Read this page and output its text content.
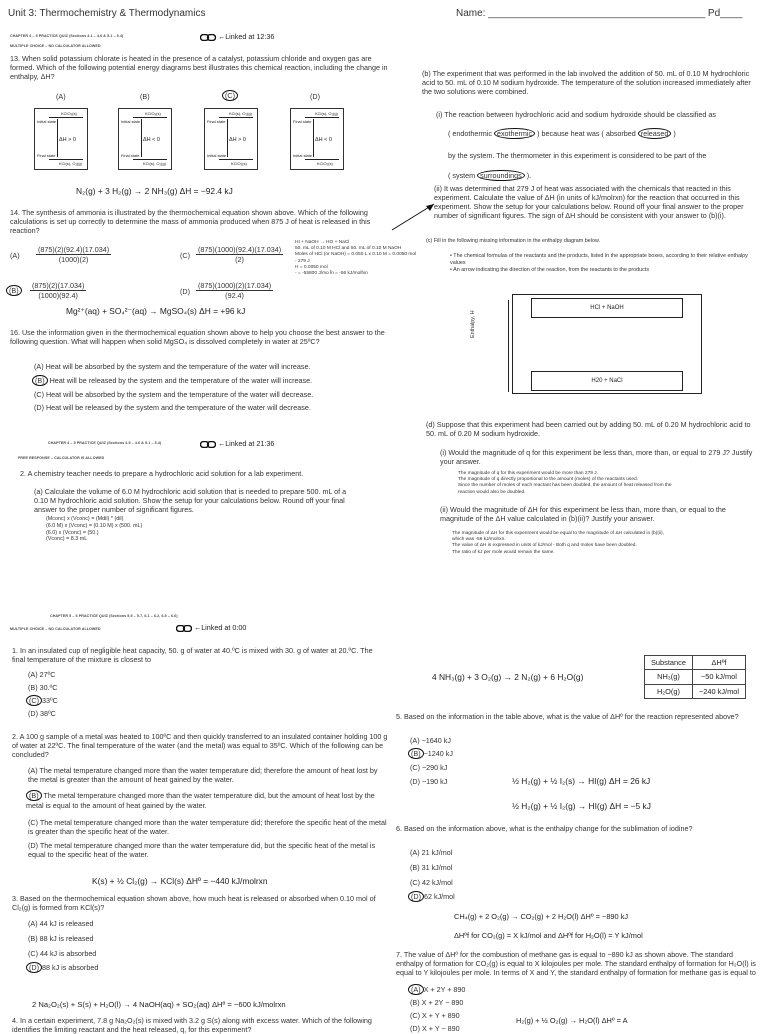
Unit 3: Thermochemistry & Thermodynamics	Name: _______________________________________ Pd____
CHAPTER 4 – 5 PRACTICE QUIZ (Sections 4.1 – 4.6 & 5.1 – 5.4)	←Linked at 12:36
MULTIPLE CHOICE – NO CALCULATOR ALLOWED
13. When solid potassium chlorate is heated in the presence of a catalyst, potassium chloride and oxygen gas are formed. Which of the following potential energy diagrams best illustrates this chemical reaction, including the change in enthalpy, ΔH?
(A)	(B)	(C)	(D)
KClO₃(s)
KCl(s), O₂(g)
ΔH > 0
Initial state
Final state
KClO₃(s)
KCl(s), O₂(g)
ΔH < 0
Initial state
Final state
KCl(s), O₂(g)
KClO₃(s)
ΔH > 0
Final state
Initial state
KCl(s), O₂(g)
KClO₃(s)
ΔH < 0
Final state
Initial state
N₂(g) + 3 H₂(g) → 2 NH₃(g) ΔH = −92.4 kJ
14. The synthesis of ammonia is illustrated by the thermochemical equation shown above. Which of the following calculations is set up correctly to determine the mass of ammonia produced when 875 J of heat is released in this reaction?
(A)
(875)(2)(92.4)(17.034)
(1000)(2)	(C)
(875)(1000)(92.4)(17.034)
(2)
(B)
(875)(2)(17.034)
(1000)(92.4)	(D)
(875)(1000)(2)(17.034)
(92.4)
Mg²⁺(aq) + SO₄²⁻(aq) → MgSO₄(s) ΔH = +96 kJ
16. Use the information given in the thermochemical equation shown above to help you choose the best answer to the following question. What will happen when solid MgSO₄ is dissolved completely in water at 25ºC?
(A) Heat will be absorbed by the system and the temperature of the water will increase.
(B) Heat will be released by the system and the temperature of the water will increase.
(C) Heat will be absorbed by the system and the temperature of the water will decrease.
(D) Heat will be released by the system and the temperature of the water will decrease.
CHAPTER 4 – 5 PRACTICE QUIZ (Sections 4.5 – 4.6 & 5.1 – 5.4)	←Linked at 21:36
FREE RESPONSE – CALCULATOR IS ALLOWED
2. A chemistry teacher needs to prepare a hydrochloric acid solution for a lab experiment.
(a) Calculate the volume of 6.0 M hydrochloric acid solution that is needed to prepare 500. mL of a 0.10 M hydrochloric acid solution. Show the setup for your calculations below. Round off your final answer to the proper number of significant figures.
(Mconc) x (Vconc) = (Mdil) * (dil)
(6.0 M) x (Vconc) = (0.10 M) x (500. mL)
(6.0) x (Vconc) = (50.)
(Vconc) = 8.3 mL
(b) The experiment that was performed in the lab involved the addition of 50. mL of 0.10 M hydrochloric acid to 50. mL of 0.10 M sodium hydroxide. The temperature of the solution increased immediately after the two solutions were combined.
(i) The reaction between hydrochloric acid and sodium hydroxide should be classified as
( endothermic exothermic ) because heat was ( absorbed released )
by the system. The thermometer in this experiment is considered to be part of the
( system surroundings ).
(ii) It was determined that 279 J of heat was associated with the chemicals that reacted in this experiment. Calculate the value of ΔH (in units of kJ/molrxn) for the reaction that occurred in this experiment. Show the setup for your calculations below. Round off your final answer to the proper number of significant figures. The sign of ΔH should be consistent with your answer to (b)(i).
HI + NaOH → HO + NaCl
50. mL of 0.10 M HCl and 50. mL of 0.10 M NaOH
Moles of HCl (or NaOH) = 0.050 L x 0.10 M = 0.0050 mol
- 279 J
H = 0.0050 mol
- = -55800 J/mo l̄n = -56 kJ/molfxn
(c) Fill in the following missing information in the enthalpy diagram below.
• The chemical formulas of the reactants and the products, listed in the appropriate boxes, according to their relative enthalpy values
• An arrow indicating the direction of the reaction, from the reactants to the products
HCl + NaOH
H20 + NaCl
Enthalpy, H
(d) Suppose that this experiment had been carried out by adding 50. mL of 0.20 M hydrochloric acid to 50. mL of 0.20 M sodium hydroxide.
(i) Would the magnitude of q for this experiment be less than, more than, or equal to 279 J? Justify your answer.
The magnitude of q for this experiment would be more than 279 J.
The magnitude of q directly proportional to the amount (moles) of the reactants used.
Since the number of moles of each reactant has been doubled, the amount of heat released from the
reaction would also be doubled.
(ii) Would the magnitude of ΔH for this experiment be less than, more than, or equal to the magnitude of the ΔH value calculated in (b)(ii)? Justify your answer.
The magnitude of ΔH for this experiment would be equal to the magnitude of ΔH calculated in (b)(ii),
which was -56 kJ/molrxn.
The value of ΔH is expressed in units of kJ/mol - Both q and moles have been doubled.
The ratio of kJ per mole would remain the same.
CHAPTER 5 – 6 PRACTICE QUIZ (Sections 5.5 – 5.7, 6.1 – 6.2, 6.5 – 6.6)
MULTIPLE CHOICE – NO CALCULATOR ALLOWED	←Linked at 0:00
1. In an insulated cup of negligible heat capacity, 50. g of water at 40.ºC is mixed with 30. g of water at 20.ºC. The final temperature of the mixture is closest to
(A) 27ºC
(B) 30.ºC
(C) 33ºC
(D) 38ºC
2. A 100 g sample of a metal was heated to 100ºC and then quickly transferred to an insulated container holding 100 g of water at 22ºC. The final temperature of the water (and the metal) was equal to 35ºC. Which of the following can be concluded?
(A) The metal temperature changed more than the water temperature did; therefore the amount of heat lost by the metal is greater than the amount of heat gained by the water.
(B) The metal temperature changed more than the water temperature did, but the amount of heat lost by the metal is equal to the amount of heat gained by the water.
(C) The metal temperature changed more than the water temperature did; therefore the specific heat of the metal is greater than the specific heat of the water.
(D) The metal temperature changed more than the water temperature did, but the specific heat of the metal is equal to the specific heat of the water.
K(s) + ½ Cl₂(g) → KCl(s) ΔHº = −440 kJ/molrxn
3. Based on the thermochemical equation shown above, how much heat is released or absorbed when 0.10 mol of Cl₂(g) is formed from KCl(s)?
(A) 44 kJ is released
(B) 88 kJ is released
(C) 44 kJ is absorbed
(D) 88 kJ is absorbed
2 Na₂O₂(s) + S(s) + H₂O(l) → 4 NaOH(aq) + SO₂(aq) ΔHº = −600 kJ/molrxn
4. In a certain experiment, 7.8 g Na₂O₂(s) is mixed with 3.2 g S(s) along with excess water. Which of the following identifies the limiting reactant and the heat released, q, for this experiment?
4 NH₃(g) + 3 O₂(g) → 2 N₂(g) + 6 H₂O(g)
Substance	ΔHºf
NH₃(g)	−50 kJ/mol
H₂O(g)	−240 kJ/mol
5. Based on the information in the table above, what is the value of ΔHº for the reaction represented above?
(A) −1640 kJ
(B) −1240 kJ
(C) −290 kJ
(D) −190 kJ	½ H₂(g) + ½ I₂(s) → HI(g) ΔH = 26 kJ
½ H₂(g) + ½ I₂(g) → HI(g) ΔH = −5 kJ
6. Based on the information above, what is the enthalpy change for the sublimation of iodine?
(A) 21 kJ/mol
(B) 31 kJ/mol
(C) 42 kJ/mol
(D) 62 kJ/mol
CH₄(g) + 2 O₂(g) → CO₂(g) + 2 H₂O(l) ΔHº = −890 kJ
ΔHºf for CO₂(g) = X kJ/mol and ΔHºf for H₂O(l) = Y kJ/mol
7. The value of ΔHº for the combustion of methane gas is equal to −890 kJ as shown above. The standard enthalpy of formation for CO₂(g) is equal to X kilojoules per mole. The standard enthalpy of formation for H₂O(l) is equal to Y kilojoules per mole. In terms of X and Y, the standard enthalpy of formation for methane gas is equal to
(A) X + 2Y + 890
(B) X + 2Y − 890
(C) X + Y + 890
(D) X + Y − 890
H₂(g) + ½ O₂(g) → H₂O(l) ΔHº = A
